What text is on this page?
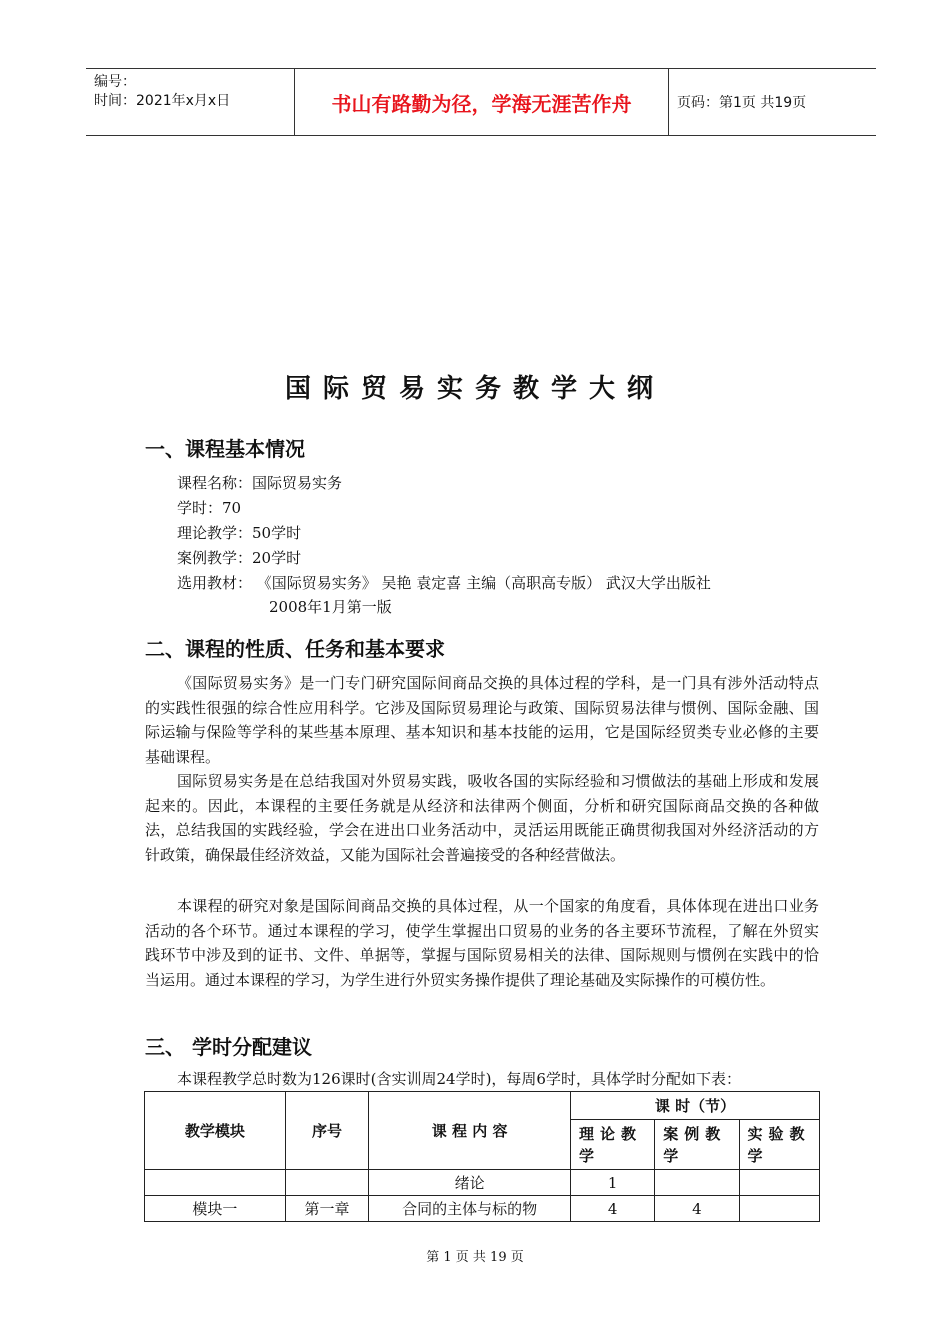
编号：
时间：2021年x月x日	书山有路勤为径，学海无涯苦作舟	页码：第1页 共19页
国际贸易实务教学大纲
一、课程基本情况
课程名称：国际贸易实务
学时：70
理论教学：50学时
案例教学：20学时
选用教材： 《国际贸易实务》 吴艳 袁定喜 主编（高职高专版） 武汉大学出版社
2008年1月第一版
二、课程的性质、任务和基本要求
《国际贸易实务》是一门专门研究国际间商品交换的具体过程的学科，是一门具有涉外活动特点的实践性很强的综合性应用科学。它涉及国际贸易理论与政策、国际贸易法律与惯例、国际金融、国际运输与保险等学科的某些基本原理、基本知识和基本技能的运用，它是国际经贸类专业必修的主要基础课程。
国际贸易实务是在总结我国对外贸易实践，吸收各国的实际经验和习惯做法的基础上形成和发展起来的。因此，本课程的主要任务就是从经济和法律两个侧面，分析和研究国际商品交换的各种做法，总结我国的实践经验，学会在进出口业务活动中，灵活运用既能正确贯彻我国对外经济活动的方针政策，确保最佳经济效益，又能为国际社会普遍接受的各种经营做法。
本课程的研究对象是国际间商品交换的具体过程，从一个国家的角度看，具体体现在进出口业务活动的各个环节。通过本课程的学习，使学生掌握出口贸易的业务的各主要环节流程，了解在外贸实践环节中涉及到的证书、文件、单据等，掌握与国际贸易相关的法律、国际规则与惯例在实践中的恰当运用。通过本课程的学习，为学生进行外贸实务操作提供了理论基础及实际操作的可模仿性。
三、 学时分配建议
本课程教学总时数为126课时(含实训周24学时)，每周6学时，具体学时分配如下表：
教学模块	序号	课 程 内 容	课 时（节）		
			理论教学	案例教学	实验教学
		绪论	1		
模块一	第一章	合同的主体与标的物	4	4	
第 1 页 共 19 页
